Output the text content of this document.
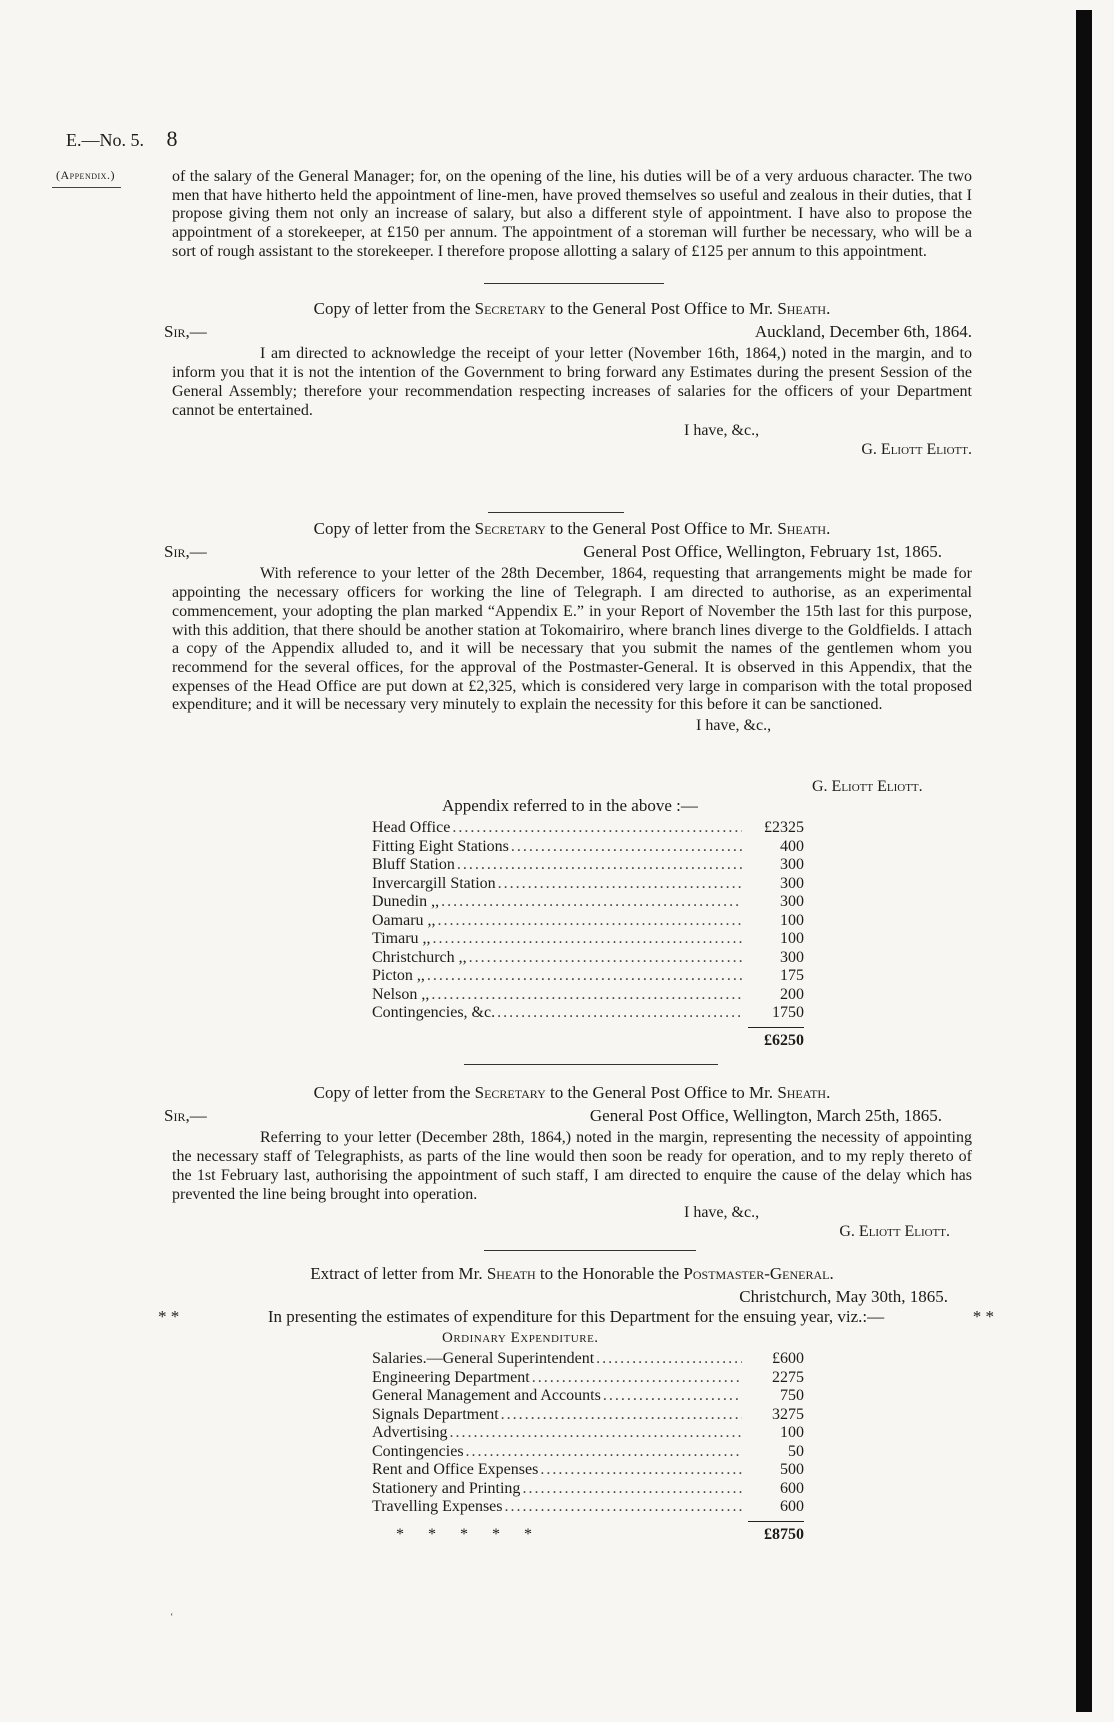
E.—No. 5. 8
(Appendix.)	of the salary of the General Manager; for, on the opening of the line, his duties will be of a very arduous character. The two men that have hitherto held the appointment of line-men, have proved themselves so useful and zealous in their duties, that I propose giving them not only an increase of salary, but also a different style of appointment. I have also to propose the appointment of a storekeeper, at £150 per annum. The appointment of a storeman will further be necessary, who will be a sort of rough assistant to the storekeeper. I therefore propose allotting a salary of £125 per annum to this appointment.

Copy of letter from the Secretary to the General Post Office to Mr. Sheath.
Sir,—	Auckland, December 6th, 1864.

I am directed to acknowledge the receipt of your letter (November 16th, 1864,) noted in the margin, and to inform you that it is not the intention of the Government to bring forward any Estimates during the present Session of the General Assembly; therefore your recommendation respecting increases of salaries for the officers of your Department cannot be entertained.

I have, &c.,
G. Eliott Eliott.
Copy of letter from the Secretary to the General Post Office to Mr. Sheath.
Sir,—	General Post Office, Wellington, February 1st, 1865.

With reference to your letter of the 28th December, 1864, requesting that arrangements might be made for appointing the necessary officers for working the line of Telegraph. I am directed to authorise, as an experimental commencement, your adopting the plan marked “Appendix E.” in your Report of November the 15th last for this purpose, with this addition, that there should be another station at Tokomairiro, where branch lines diverge to the Goldfields. I attach a copy of the Appendix alluded to, and it will be necessary that you submit the names of the gentlemen whom you recommend for the several offices, for the approval of the Postmaster-General. It is observed in this Appendix, that the expenses of the Head Office are put down at £2,325, which is considered very large in comparison with the total proposed expenditure; and it will be necessary very minutely to explain the necessity for this before it can be sanctioned.

I have, &c.,
G. Eliott Eliott.
Appendix referred to in the above :—
Head Office . . .	£2325
Fitting Eight Stations . . .	400
Bluff Station . . .	300
Invercargill Station . . .	300
Dunedin ,, . . .	300
Oamaru ,, . . .	100
Timaru ,, . . .	100
Christchurch ,, . . .	300
Picton ,, . . .	175
Nelson ,, . . .	200
Contingencies, &c. . . .	1750
£6250
Copy of letter from the Secretary to the General Post Office to Mr. Sheath.
Sir,—	General Post Office, Wellington, March 25th, 1865.

Referring to your letter (December 28th, 1864,) noted in the margin, representing the necessity of appointing the necessary staff of Telegraphists, as parts of the line would then soon be ready for operation, and to my reply thereto of the 1st February last, authorising the appointment of such staff, I am directed to enquire the cause of the delay which has prevented the line being brought into operation.

I have, &c.,
G. Eliott Eliott.
Extract of letter from Mr. Sheath to the Honorable the Postmaster-General.
Christchurch, May 30th, 1865.
* *	In presenting the estimates of expenditure for this Department for the ensuing year, viz.:—	* *
Ordinary Expenditure.
Salaries.—General Superintendent . . .	£600
Engineering Department . . .	2275
General Management and Accounts . . .	750
Signals Department . . .	3275
Advertising . . .	100
Contingencies . . .	50
Rent and Office Expenses . . .	500
Stationery and Printing . . .	600
Travelling Expenses . . .	600
*      *      *      *      *	£8750
‘
